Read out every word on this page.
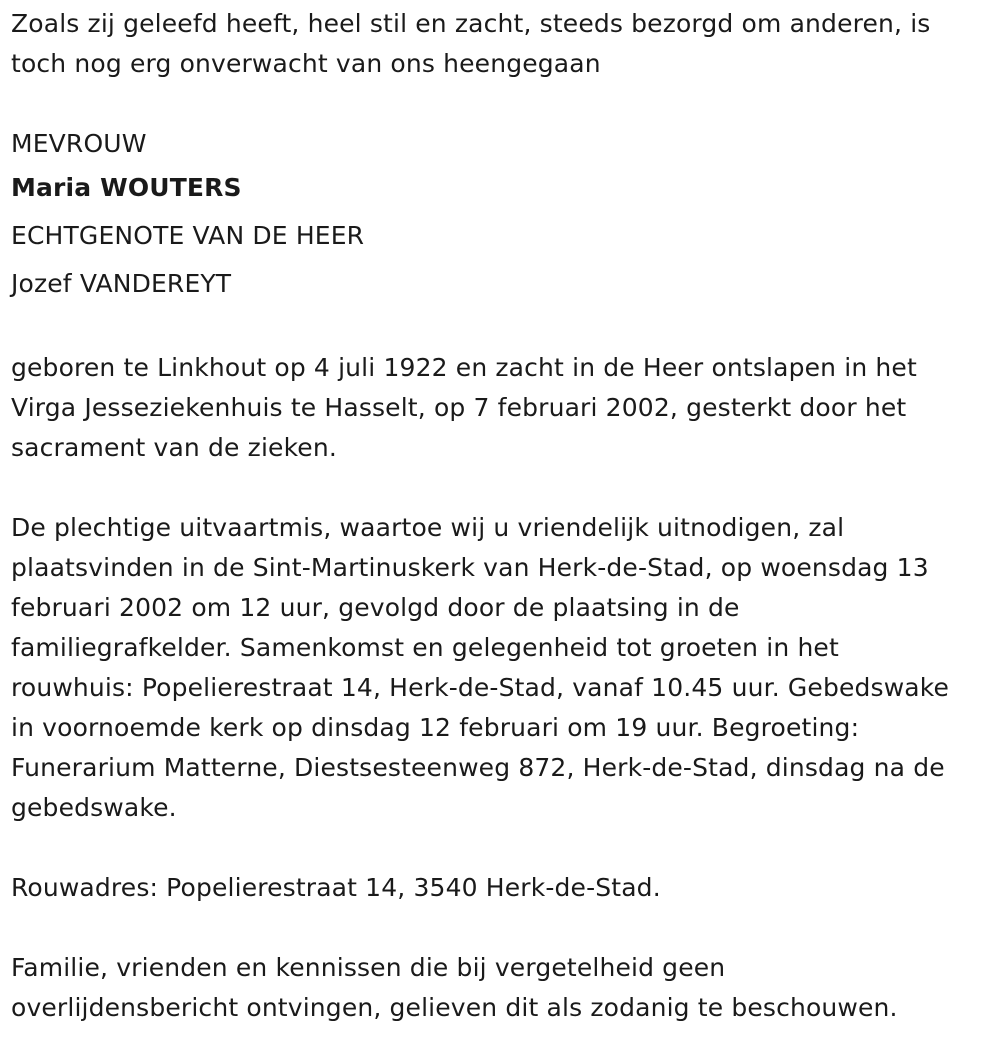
Zoals zij geleefd heeft, heel stil en zacht, steeds bezorgd om anderen, is

toch nog erg onverwacht van ons heengegaan

MEVROUW

Maria WOUTERS

ECHTGENOTE VAN DE HEER

Jozef VANDEREYT

geboren te Linkhout op 4 juli 1922 en zacht in de Heer ontslapen in het

Virga Jesseziekenhuis te Hasselt, op 7 februari 2002, gesterkt door het

sacrament van de zieken.

De plechtige uitvaartmis, waartoe wij u vriendelijk uitnodigen, zal

plaatsvinden in de Sint-Martinuskerk van Herk-de-Stad, op woensdag 13

februari 2002 om 12 uur, gevolgd door de plaatsing in de

familiegrafkelder. Samenkomst en gelegenheid tot groeten in het

rouwhuis: Popelierestraat 14, Herk-de-Stad, vanaf 10.45 uur. Gebedswake

in voornoemde kerk op dinsdag 12 februari om 19 uur. Begroeting:

Funerarium Matterne, Diestsesteenweg 872, Herk-de-Stad, dinsdag na de

gebedswake.

Rouwadres: Popelierestraat 14, 3540 Herk-de-Stad.

Familie, vrienden en kennissen die bij vergetelheid geen

overlijdensbericht ontvingen, gelieven dit als zodanig te beschouwen.
